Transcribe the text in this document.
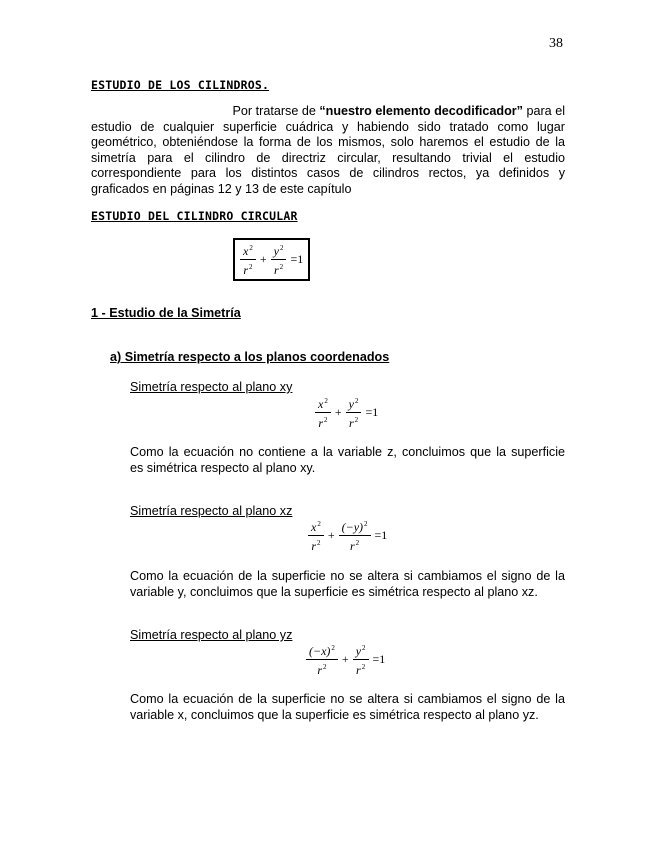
38
ESTUDIO DE LOS CILINDROS.
Por tratarse de “nuestro elemento decodificador” para el
estudio de cualquier superficie cuádrica y habiendo sido tratado como lugar
geométrico, obteniéndose la forma de los mismos, solo haremos el estudio de la
simetría para el cilindro de directriz circular, resultando trivial el estudio
correspondiente para los distintos casos de cilindros rectos, ya definidos y
graficados en páginas 12 y 13 de este capítulo
ESTUDIO DEL CILINDRO CIRCULAR
$\frac{x^2}{r^2} + \frac{y^2}{r^2} =1$
1 - Estudio de la Simetría
a) Simetría respecto a los planos coordenados
Simetría respecto al plano xy
$\frac{x^2}{r^2} + \frac{y^2}{r^2} =1$
Como la ecuación no contiene a la variable z, concluimos que la superficie
es simétrica respecto al plano xy.
Simetría respecto al plano xz
$\frac{x^2}{r^2} + \frac{(-y)^2}{r^2} =1$
Como la ecuación de la superficie no se altera si cambiamos el signo de la
variable y, concluimos que la superficie es simétrica respecto al plano xz.
Simetría respecto al plano yz
$\frac{(-x)^2}{r^2} + \frac{y^2}{r^2} =1$
Como la ecuación de la superficie no se altera si cambiamos el signo de la
variable x, concluimos que la superficie es simétrica respecto al plano yz.
